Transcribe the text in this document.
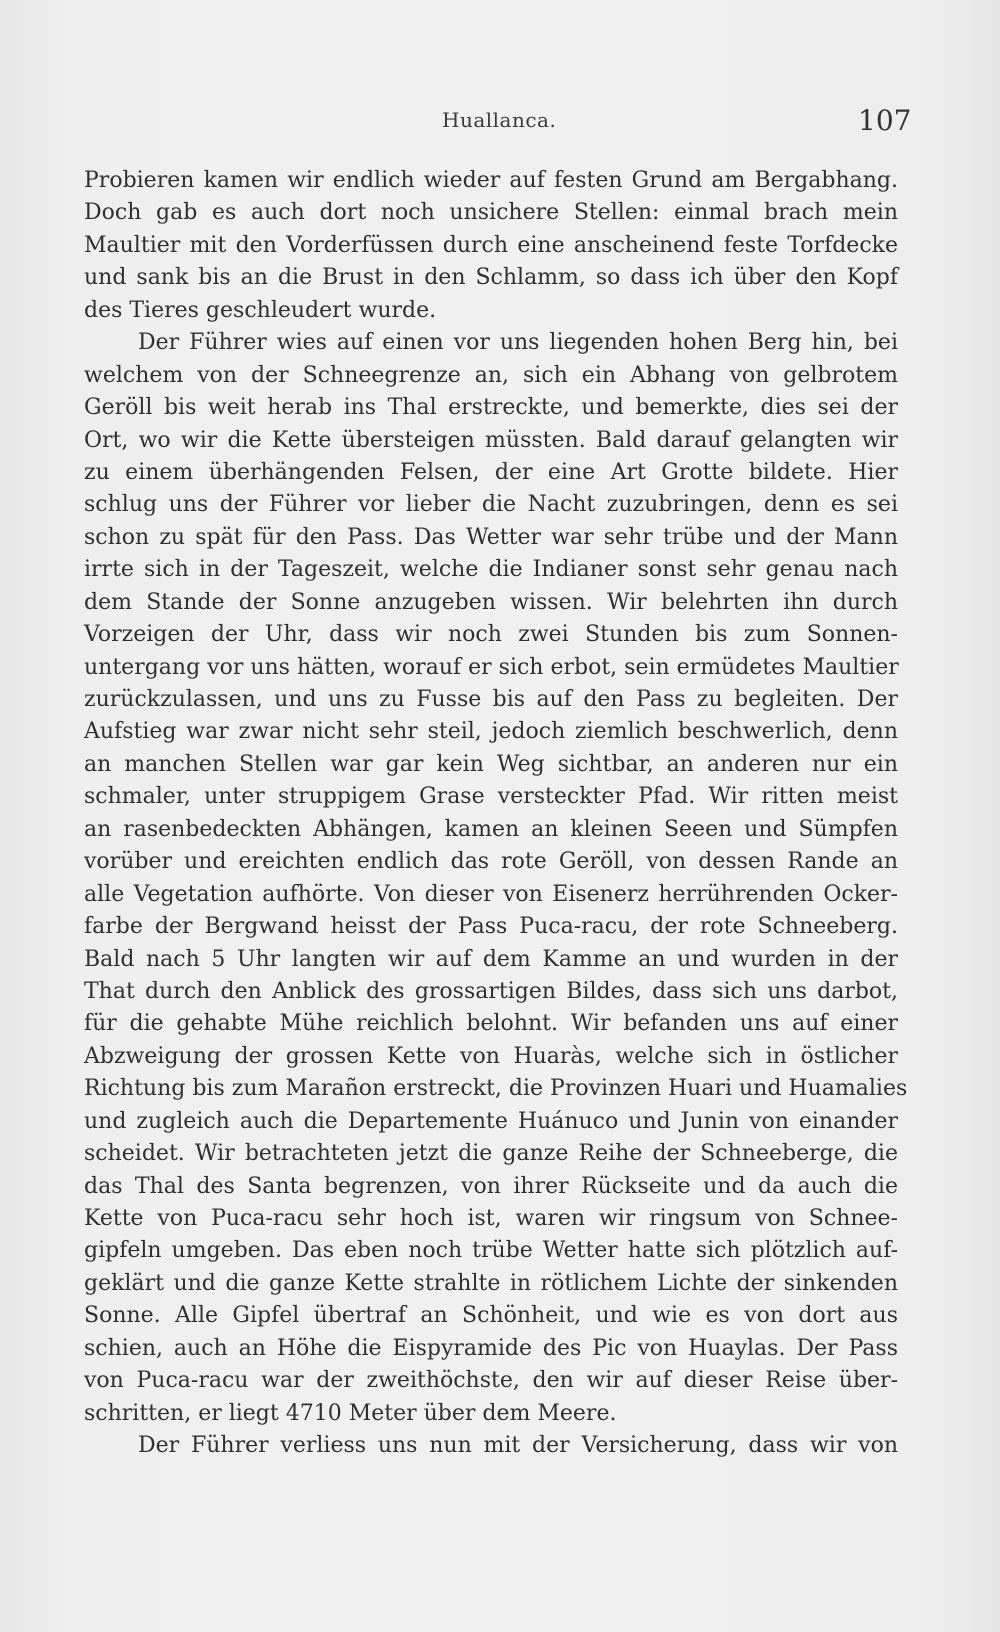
Huallanca.	107
Probieren kamen wir endlich wieder auf festen Grund am Bergabhang.
Doch gab es auch dort noch unsichere Stellen: einmal brach mein
Maultier mit den Vorderfüssen durch eine anscheinend feste Torfdecke
und sank bis an die Brust in den Schlamm, so dass ich über den Kopf
des Tieres geschleudert wurde.
Der Führer wies auf einen vor uns liegenden hohen Berg hin, bei
welchem von der Schneegrenze an, sich ein Abhang von gelbrotem
Geröll bis weit herab ins Thal erstreckte, und bemerkte, dies sei der
Ort, wo wir die Kette übersteigen müssten. Bald darauf gelangten wir
zu einem überhängenden Felsen, der eine Art Grotte bildete. Hier
schlug uns der Führer vor lieber die Nacht zuzubringen, denn es sei
schon zu spät für den Pass. Das Wetter war sehr trübe und der Mann
irrte sich in der Tageszeit, welche die Indianer sonst sehr genau nach
dem Stande der Sonne anzugeben wissen. Wir belehrten ihn durch
Vorzeigen der Uhr, dass wir noch zwei Stunden bis zum Sonnen-
untergang vor uns hätten, worauf er sich erbot, sein ermüdetes Maultier
zurückzulassen, und uns zu Fusse bis auf den Pass zu begleiten. Der
Aufstieg war zwar nicht sehr steil, jedoch ziemlich beschwerlich, denn
an manchen Stellen war gar kein Weg sichtbar, an anderen nur ein
schmaler, unter struppigem Grase versteckter Pfad. Wir ritten meist
an rasenbedeckten Abhängen, kamen an kleinen Seeen und Sümpfen
vorüber und ereichten endlich das rote Geröll, von dessen Rande an
alle Vegetation aufhörte. Von dieser von Eisenerz herrührenden Ocker-
farbe der Bergwand heisst der Pass Puca-racu, der rote Schneeberg.
Bald nach 5 Uhr langten wir auf dem Kamme an und wurden in der
That durch den Anblick des grossartigen Bildes, dass sich uns darbot,
für die gehabte Mühe reichlich belohnt. Wir befanden uns auf einer
Abzweigung der grossen Kette von Huaràs, welche sich in östlicher
Richtung bis zum Marañon erstreckt, die Provinzen Huari und Huamalies
und zugleich auch die Departemente Huánuco und Junin von einander
scheidet. Wir betrachteten jetzt die ganze Reihe der Schneeberge, die
das Thal des Santa begrenzen, von ihrer Rückseite und da auch die
Kette von Puca-racu sehr hoch ist, waren wir ringsum von Schnee-
gipfeln umgeben. Das eben noch trübe Wetter hatte sich plötzlich auf-
geklärt und die ganze Kette strahlte in rötlichem Lichte der sinkenden
Sonne. Alle Gipfel übertraf an Schönheit, und wie es von dort aus
schien, auch an Höhe die Eispyramide des Pic von Huaylas. Der Pass
von Puca-racu war der zweithöchste, den wir auf dieser Reise über-
schritten, er liegt 4710 Meter über dem Meere.
Der Führer verliess uns nun mit der Versicherung, dass wir von
